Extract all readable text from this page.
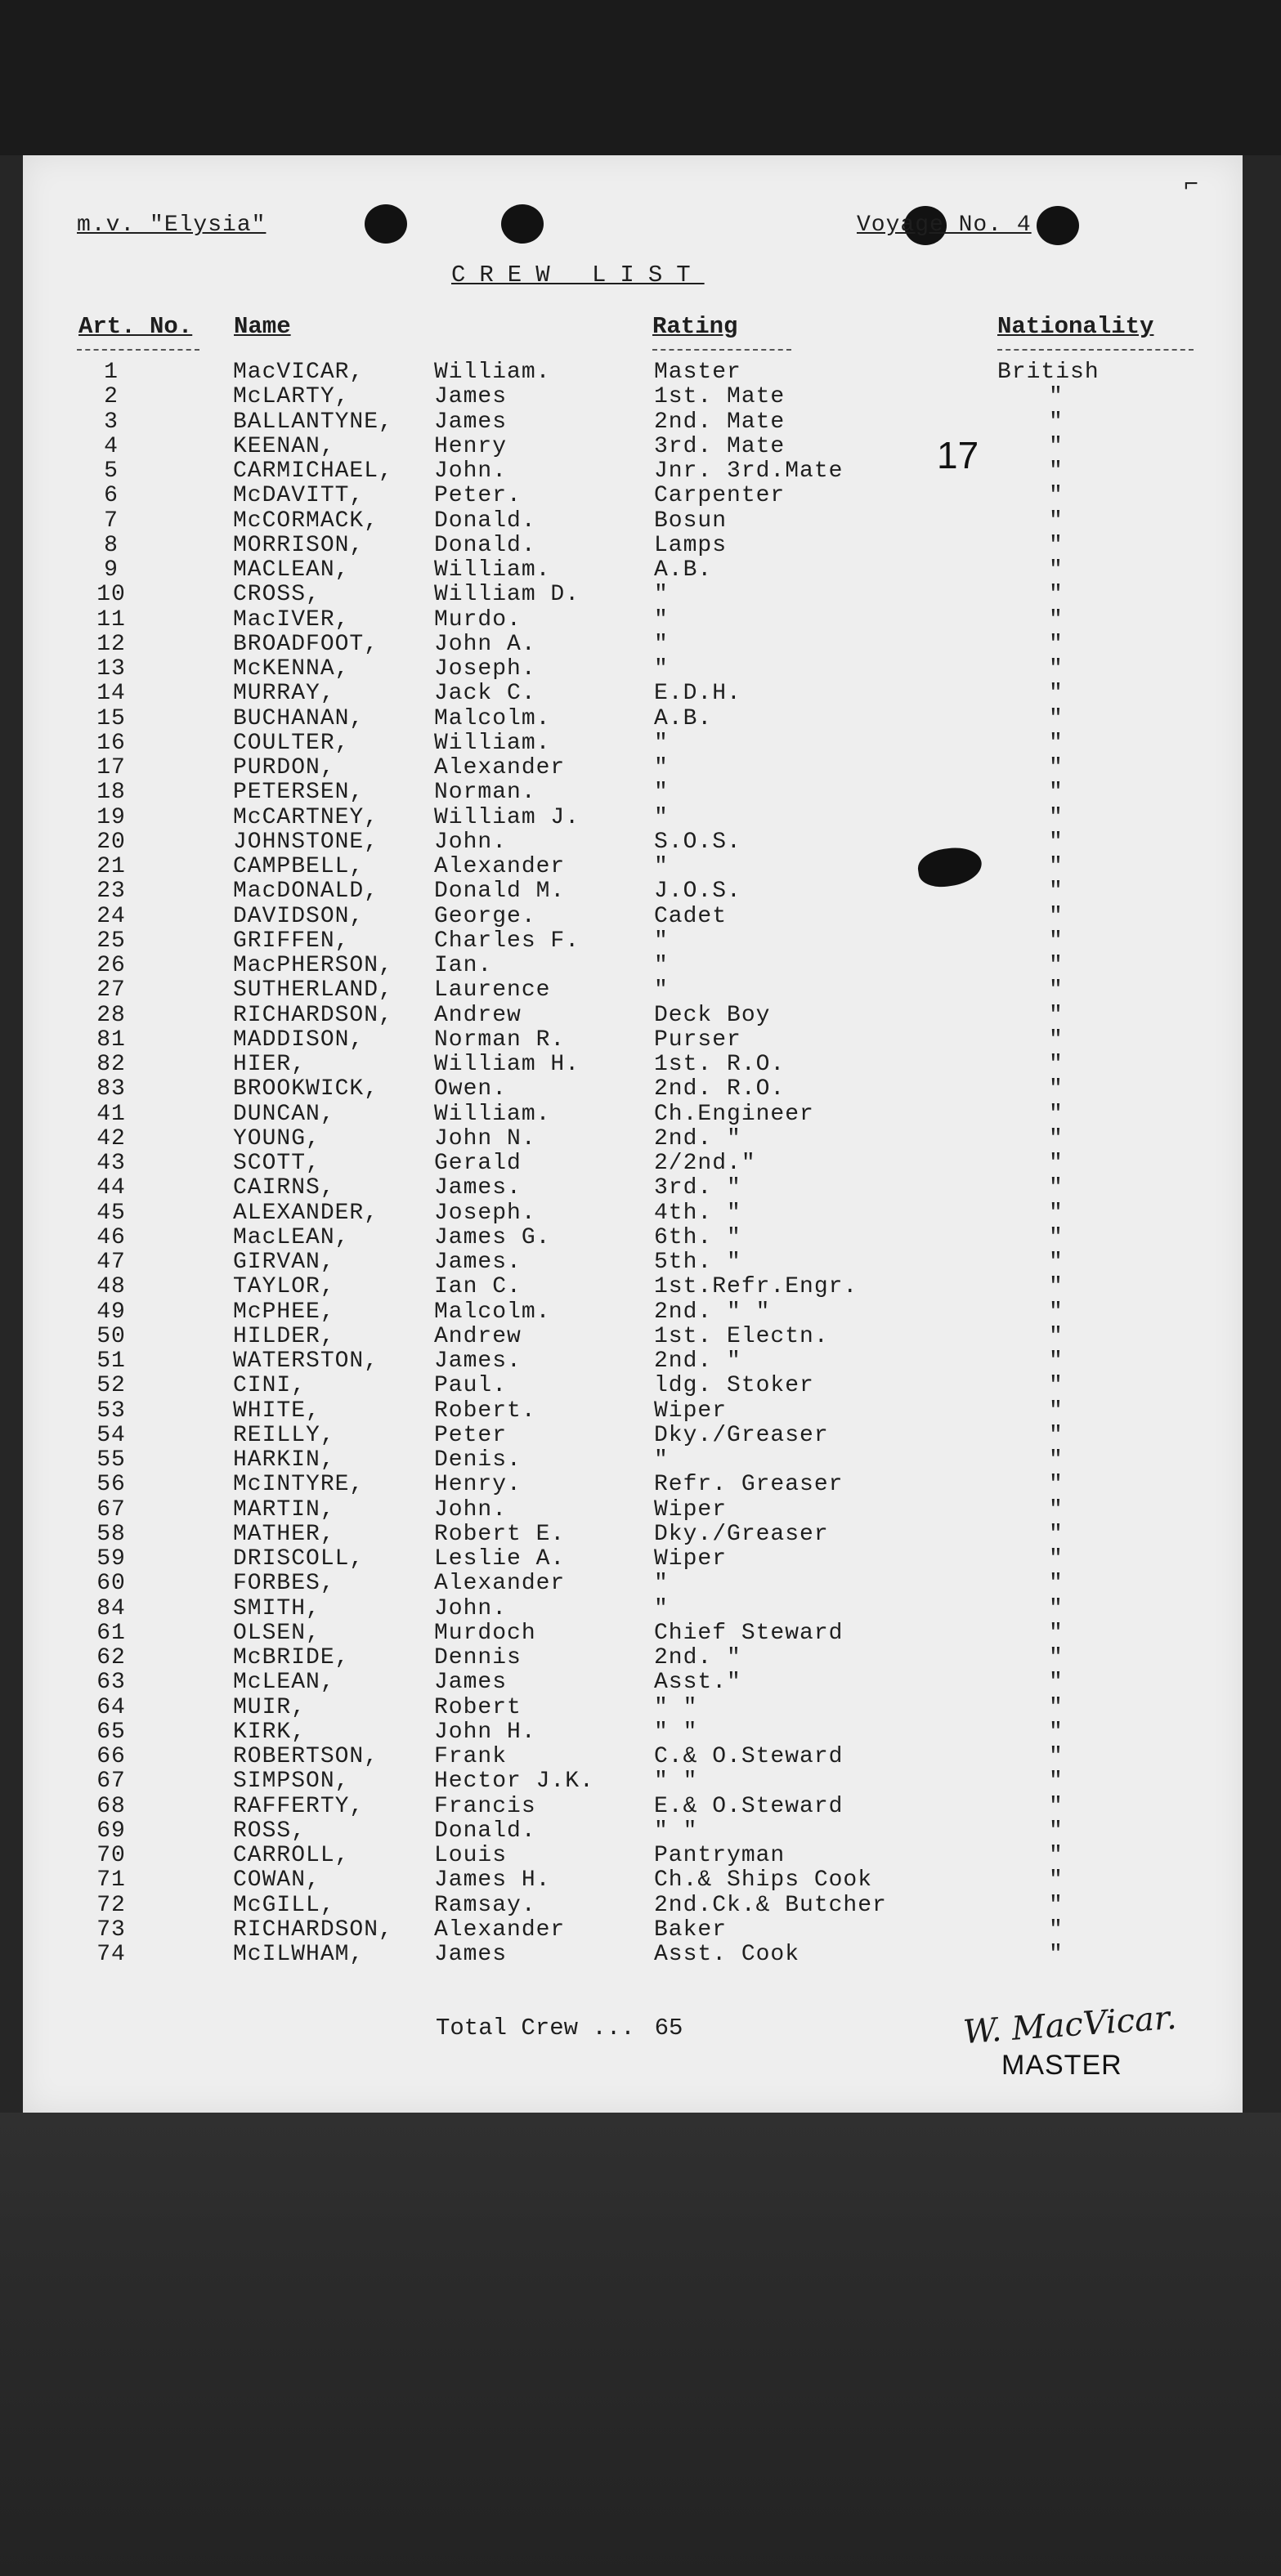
⌐
m.v. "Elysia"	Voyage No. 4
CREW LIST
17
Art. No. Name	Rating	Nationality
1	MacVICAR,	William.	Master	British
2	McLARTY,	James	1st. Mate	"
3	BALLANTYNE, James	2nd. Mate	"
4	KEENAN,	Henry	3rd. Mate	"
5	CARMICHAEL, John.	Jnr. 3rd.Mate	"
6	McDAVITT,	Peter.	Carpenter	"
7	McCORMACK, Donald.	Bosun	"
8	MORRISON,	Donald.	Lamps	"
9	MACLEAN,	William.	A.B.	"
10	CROSS,	William D.	"	"
11	MacIVER,	Murdo.	"	"
12	BROADFOOT, John A.	"	"
13	McKENNA,	Joseph.	"	"
14	MURRAY,	Jack C.	E.D.H.	"
15	BUCHANAN,	Malcolm.	A.B.	"
16	COULTER,	William.	"	"
17	PURDON,	Alexander	"	"
18	PETERSEN,	Norman.	"	"
19	McCARTNEY, William J.	"	"
20	JOHNSTONE, John.	S.O.S.	"
21	CAMPBELL,	Alexander	"	"
23	MacDONALD, Donald M.	J.O.S.	"
24	DAVIDSON,	George.	Cadet	"
25	GRIFFEN,	Charles F.	"	"
26	MacPHERSON, Ian.	"	"
27	SUTHERLAND, Laurence	"	"
28	RICHARDSON, Andrew	Deck Boy	"
81	MADDISON,	Norman R.	Purser	"
82	HIER,	William H.	1st. R.O.	"
83	BROOKWICK, Owen.	2nd. R.O.	"
41	DUNCAN,	William.	Ch.Engineer	"
42	YOUNG,	John N.	2nd. "	"
43	SCOTT,	Gerald	2/2nd."	"
44	CAIRNS,	James.	3rd. "	"
45	ALEXANDER, Joseph.	4th. "	"
46	MacLEAN,	James G.	6th. "	"
47	GIRVAN,	James.	5th. "	"
48	TAYLOR,	Ian C.	1st.Refr.Engr.	"
49	McPHEE,	Malcolm.	2nd. " "	"
50	HILDER,	Andrew	1st. Electn.	"
51	WATERSTON, James.	2nd. "	"
52	CINI,	Paul.	ldg. Stoker	"
53	WHITE,	Robert.	Wiper	"
54	REILLY,	Peter	Dky./Greaser	"
55	HARKIN,	Denis.	"	"
56	McINTYRE,	Henry.	Refr. Greaser	"
67	MARTIN,	John.	Wiper	"
58	MATHER,	Robert E.	Dky./Greaser	"
59	DRISCOLL,	Leslie A.	Wiper	"
60	FORBES,	Alexander	"	"
84	SMITH,	John.	"	"
61	OLSEN,	Murdoch	Chief Steward	"
62	McBRIDE,	Dennis	2nd. "	"
63	McLEAN,	James	Asst."	"
64	MUIR,	Robert	" "	"
65	KIRK,	John H.	" "	"
66	ROBERTSON, Frank	C.& O.Steward	"
67	SIMPSON,	Hector J.K.	" "	"
68	RAFFERTY,	Francis	E.& O.Steward	"
69	ROSS,	Donald.	" "	"
70	CARROLL,	Louis	Pantryman	"
71	COWAN,	James H.	Ch.& Ships Cook	"
72	McGILL,	Ramsay.	2nd.Ck.& Butcher	"
73	RICHARDSON, Alexander	Baker	"
74	McILWHAM,	James	Asst. Cook	"
Total Crew ... 65	W. MacVicar.
MASTER
